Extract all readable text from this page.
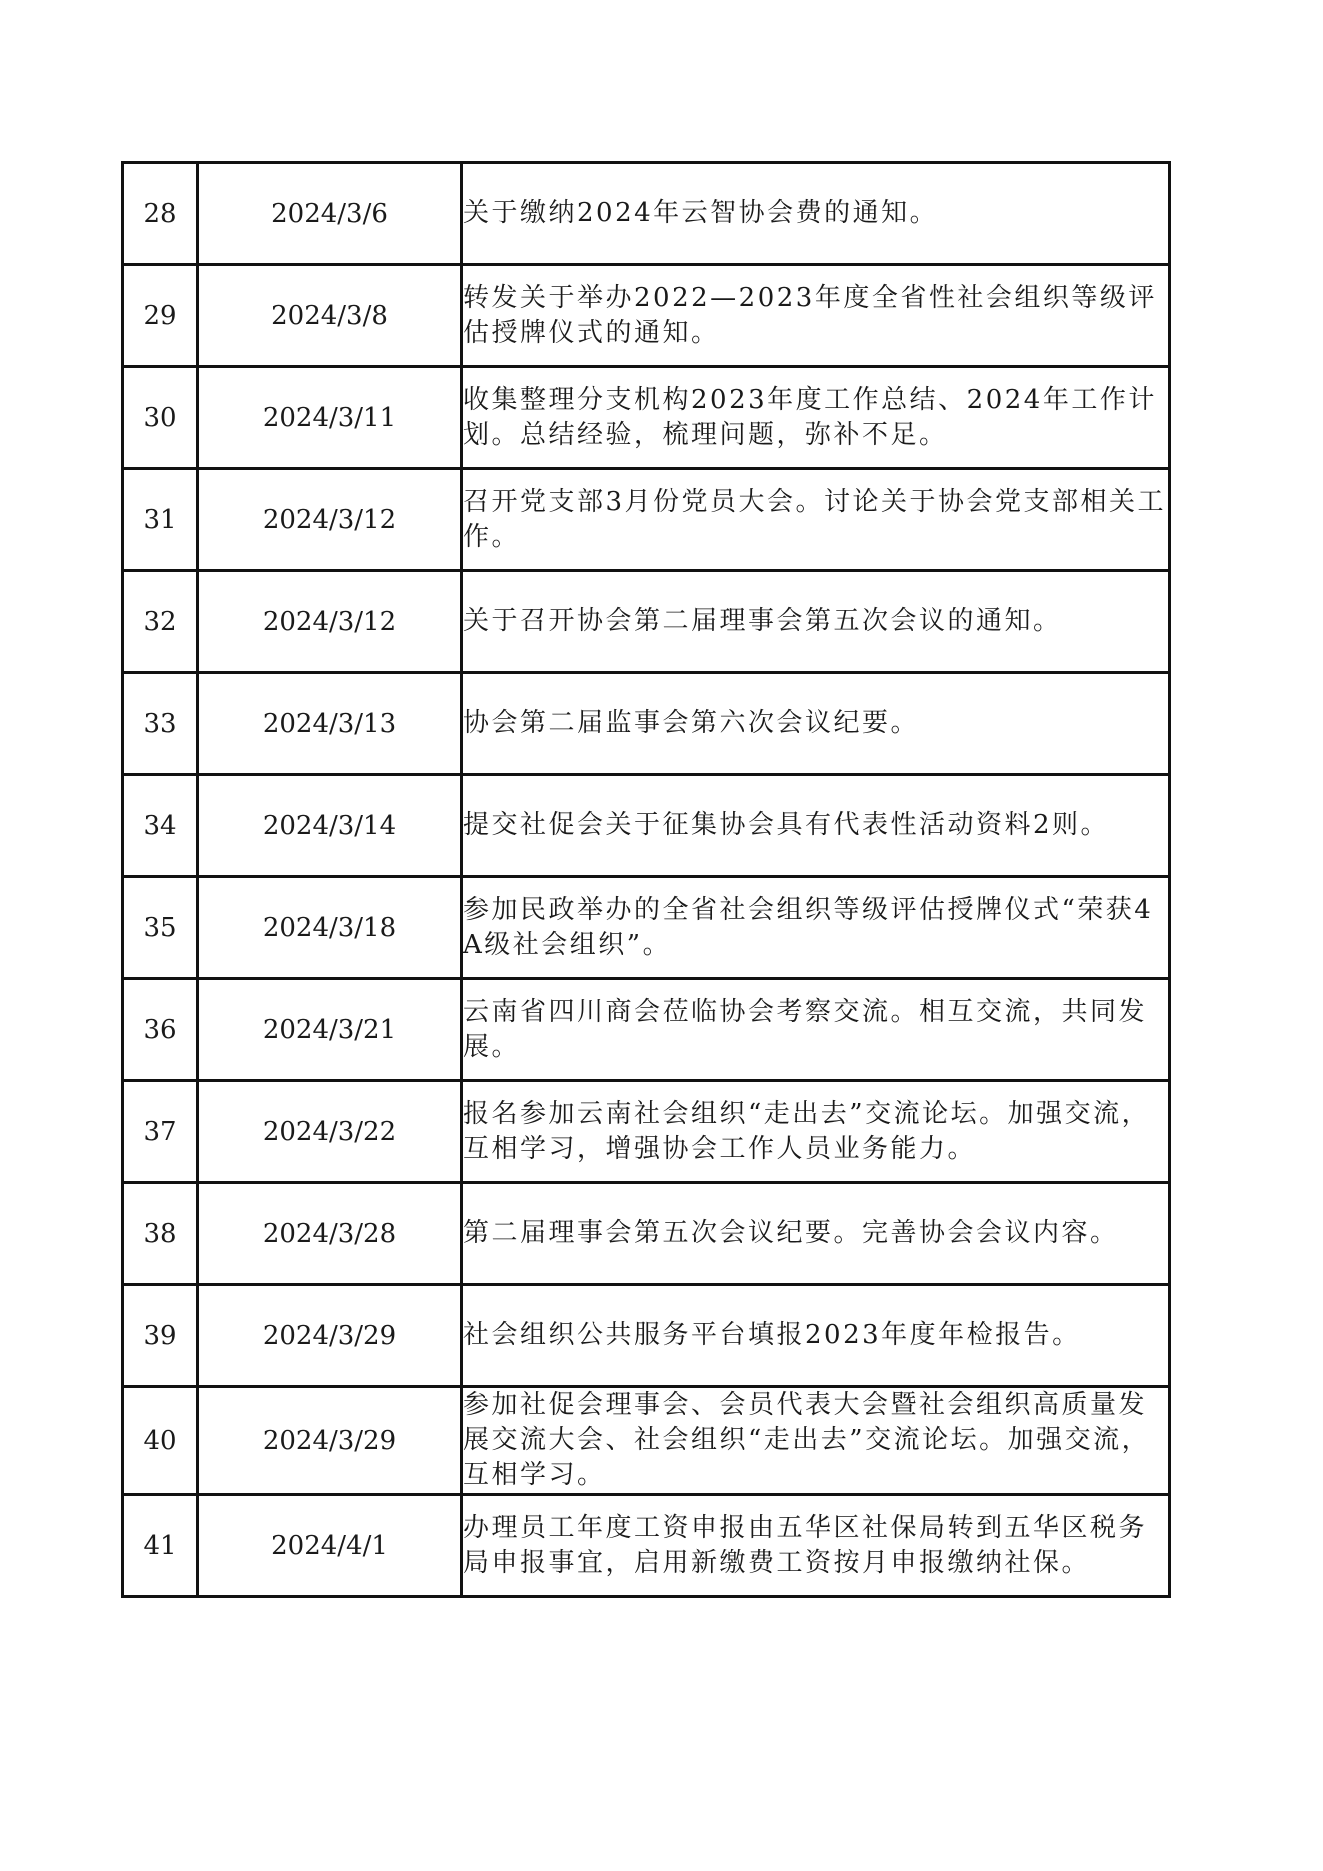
28	2024/3/6	关于缴纳2024年云智协会费的通知。
29	2024/3/8	转发关于举办2022—2023年度全省性社会组织等级评估授牌仪式的通知。
30	2024/3/11	收集整理分支机构2023年度工作总结、2024年工作计划。总结经验，梳理问题，弥补不足。
31	2024/3/12	召开党支部3月份党员大会。讨论关于协会党支部相关工作。
32	2024/3/12	关于召开协会第二届理事会第五次会议的通知。
33	2024/3/13	协会第二届监事会第六次会议纪要。
34	2024/3/14	提交社促会关于征集协会具有代表性活动资料2则。
35	2024/3/18	参加民政举办的全省社会组织等级评估授牌仪式“荣获4A级社会组织”。
36	2024/3/21	云南省四川商会莅临协会考察交流。相互交流，共同发展。
37	2024/3/22	报名参加云南社会组织“走出去”交流论坛。加强交流，互相学习，增强协会工作人员业务能力。
38	2024/3/28	第二届理事会第五次会议纪要。完善协会会议内容。
39	2024/3/29	社会组织公共服务平台填报2023年度年检报告。
40	2024/3/29	参加社促会理事会、会员代表大会暨社会组织高质量发展交流大会、社会组织“走出去”交流论坛。加强交流，互相学习。
41	2024/4/1	办理员工年度工资申报由五华区社保局转到五华区税务局申报事宜，启用新缴费工资按月申报缴纳社保。
